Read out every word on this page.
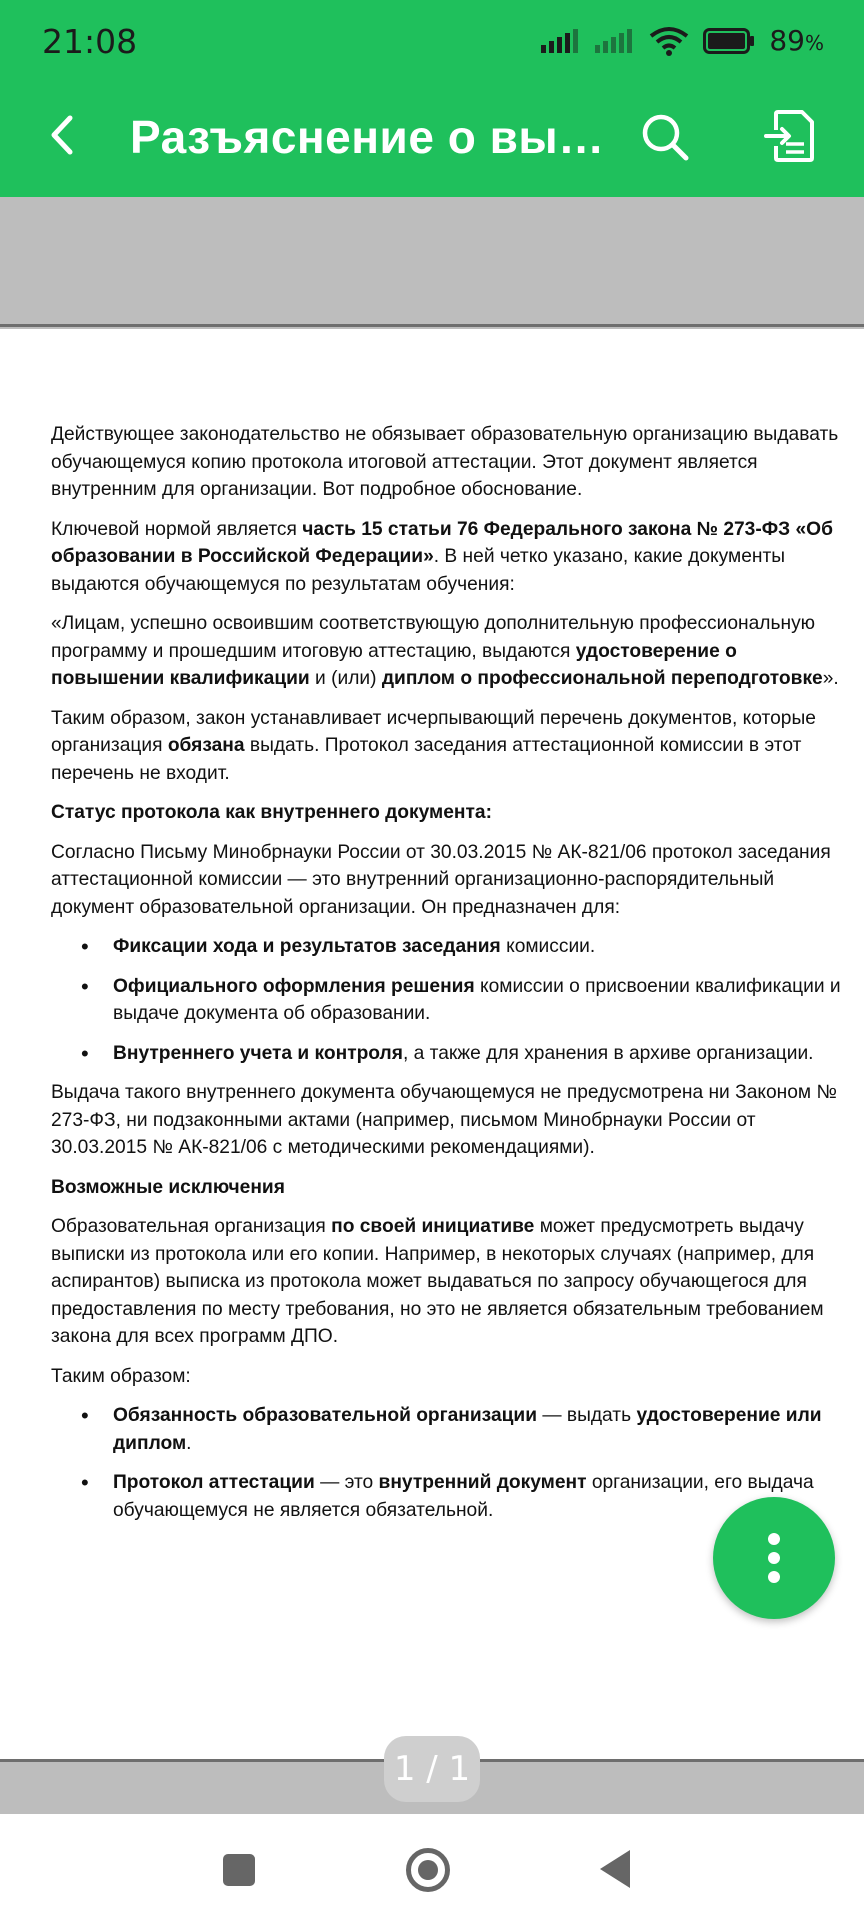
21:08	89%
Разъяснение о вы…

Действующее законодательство не обязывает образовательную организацию выдавать обучающемуся копию протокола итоговой аттестации. Этот документ является внутренним для организации. Вот подробное обоснование.

Ключевой нормой является часть 15 статьи 76 Федерального закона № 273-ФЗ «Об образовании в Российской Федерации». В ней четко указано, какие документы выдаются обучающемуся по результатам обучения:

«Лицам, успешно освоившим соответствующую дополнительную профессиональную программу и прошедшим итоговую аттестацию, выдаются удостоверение о повышении квалификации и (или) диплом о профессиональной переподготовке».

Таким образом, закон устанавливает исчерпывающий перечень документов, которые организация обязана выдать. Протокол заседания аттестационной комиссии в этот перечень не входит.

Статус протокола как внутреннего документа:

Согласно Письму Минобрнауки России от 30.03.2015 № АК-821/06 протокол заседания аттестационной комиссии — это внутренний организационно-распорядительный документ образовательной организации. Он предназначен для:

• Фиксации хода и результатов заседания комиссии.
• Официального оформления решения комиссии о присвоении квалификации и выдаче документа об образовании.
• Внутреннего учета и контроля, а также для хранения в архиве организации.

Выдача такого внутреннего документа обучающемуся не предусмотрена ни Законом № 273-ФЗ, ни подзаконными актами (например, письмом Минобрнауки России от 30.03.2015 № АК-821/06 с методическими рекомендациями).

Возможные исключения

Образовательная организация по своей инициативе может предусмотреть выдачу выписки из протокола или его копии. Например, в некоторых случаях (например, для аспирантов) выписка из протокола может выдаваться по запросу обучающегося для предоставления по месту требования, но это не является обязательным требованием закона для всех программ ДПО.

Таким образом:

• Обязанность образовательной организации — выдать удостоверение или диплом.
• Протокол аттестации — это внутренний документ организации, его выдача обучающемуся не является обязательной.
1 / 1
